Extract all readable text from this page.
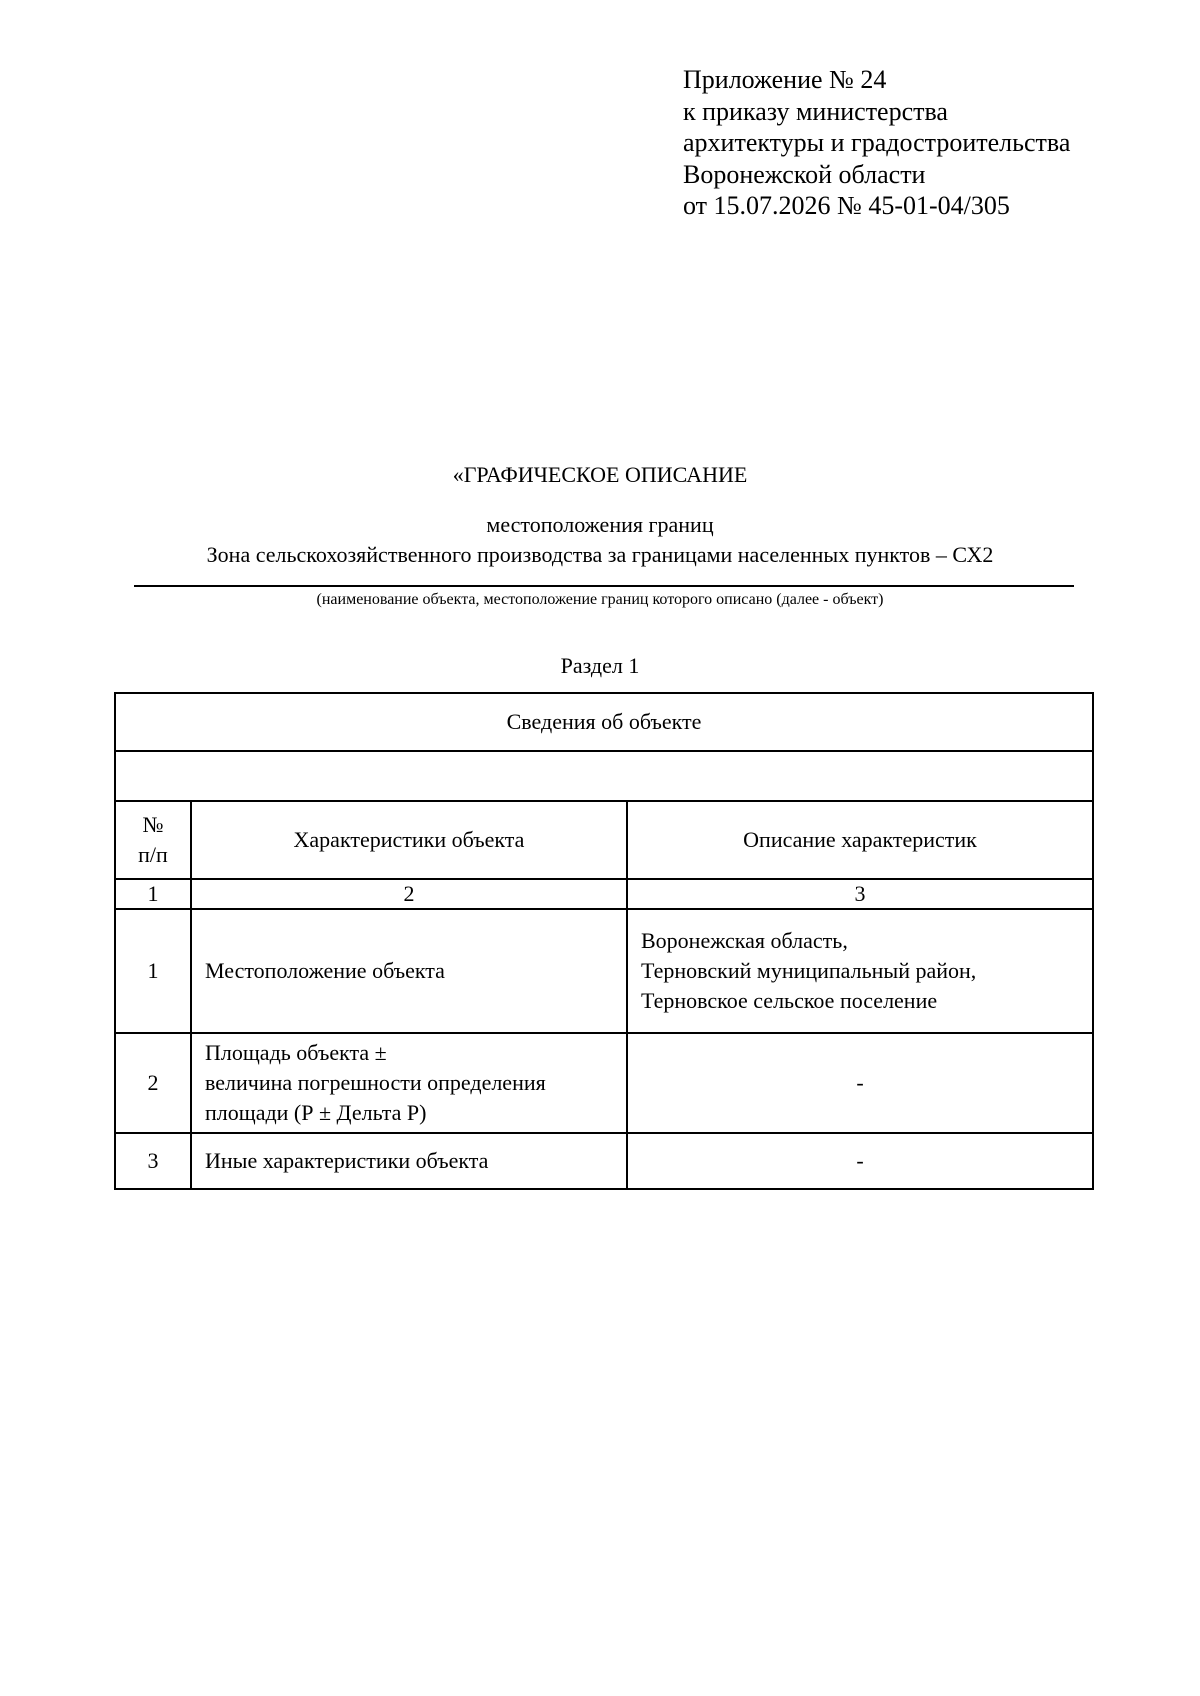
Приложение № 24
к приказу министерства
архитектуры и градостроительства
Воронежской области
от 15.07.2026 № 45-01-04/305
«ГРАФИЧЕСКОЕ ОПИСАНИЕ
местоположения границ
Зона сельскохозяйственного производства за границами населенных пунктов – СХ2
(наименование объекта, местоположение границ которого описано (далее - объект)
Раздел 1
Сведения об объекте		

№
п/п	Характеристики объекта	Описание характеристик
1	2	3
1	Местоположение объекта	Воронежская область,
Терновский муниципальный район,
Терновское сельское поселение

2	Площадь объекта ±
величина погрешности определения
площади (Р ± Дельта Р)	-
3	Иные характеристики объекта	-
